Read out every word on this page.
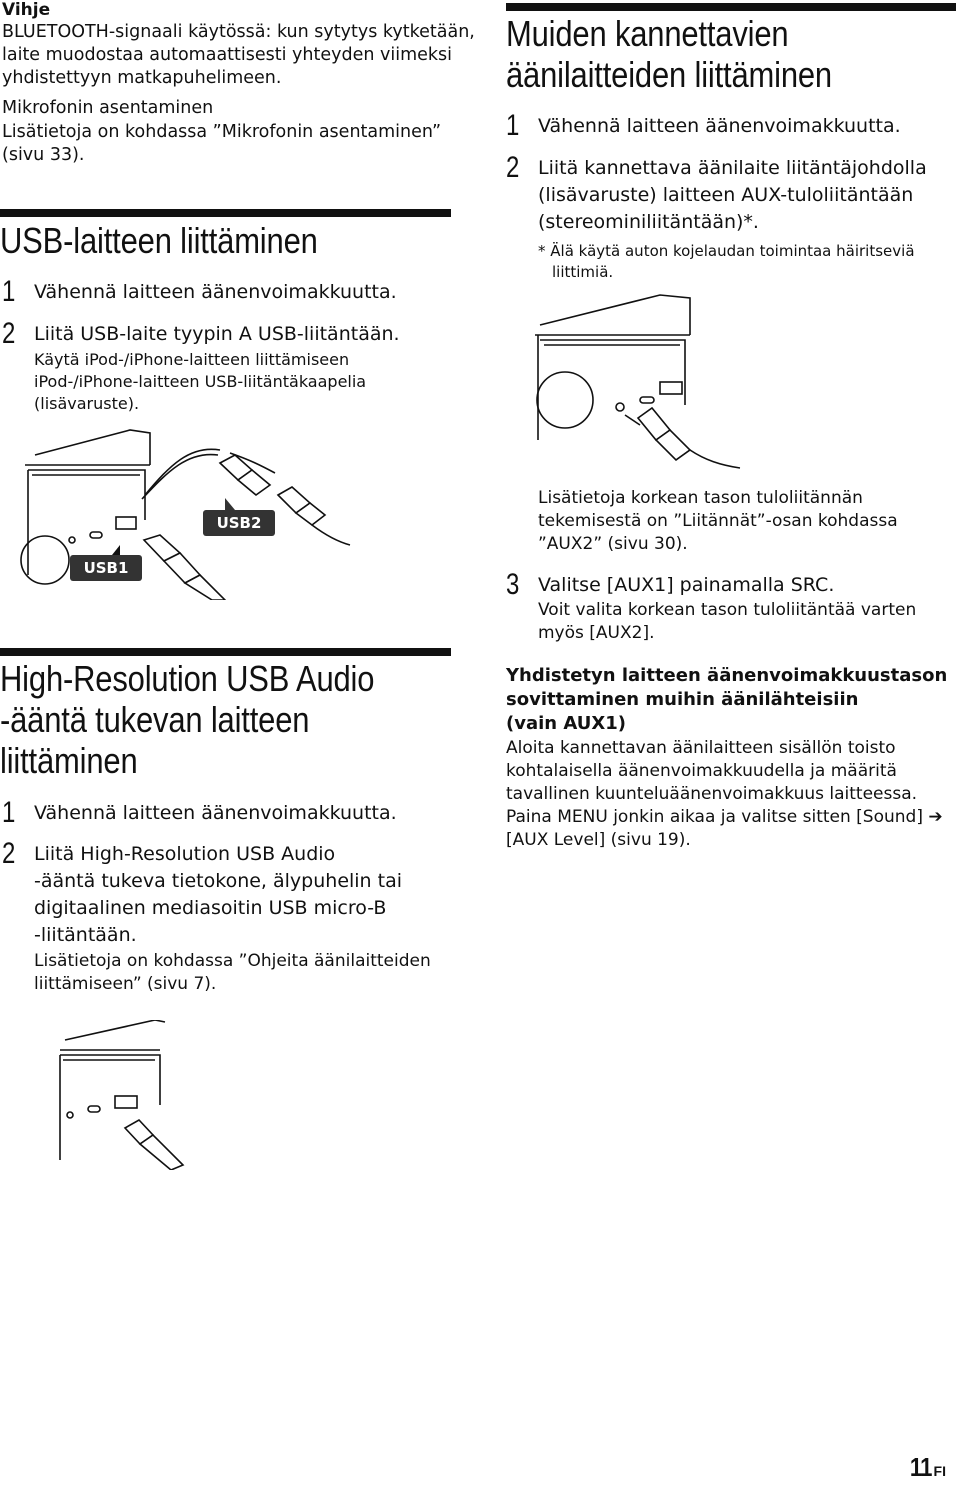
Vihje
BLUETOOTH-signaali käytössä: kun sytytys kytketään,
laite muodostaa automaattisesti yhteyden viimeksi
yhdistettyyn matkapuhelimeen.
Mikrofonin asentaminen
Lisätietoja on kohdassa ”Mikrofonin asentaminen”
(sivu 33).
USB-laitteen liittäminen
1 Vähennä laitteen äänenvoimakkuutta.
2 Liitä USB-laite tyypin A USB-liitäntään.
Käytä iPod-/iPhone-laitteen liittämiseen
iPod-/iPhone-laitteen USB-liitäntäkaapelia
(lisävaruste).
USB1
USB2
High-Resolution USB Audio
-ääntä tukevan laitteen
liittäminen
1 Vähennä laitteen äänenvoimakkuutta.
2 Liitä High-Resolution USB Audio
-ääntä tukeva tietokone, älypuhelin tai
digitaalinen mediasoitin USB micro-B
-liitäntään.
Lisätietoja on kohdassa ”Ohjeita äänilaitteiden
liittämiseen” (sivu 7).
Muiden kannettavien
äänilaitteiden liittäminen
1 Vähennä laitteen äänenvoimakkuutta.
2 Liitä kannettava äänilaite liitäntäjohdolla
(lisävaruste) laitteen AUX-tuloliitäntään
(stereominiliitäntään)*.
* Älä käytä auton kojelaudan toimintaa häiritseviä
liittimiä.
Lisätietoja korkean tason tuloliitännän
tekemisestä on ”Liitännät”-osan kohdassa
”AUX2” (sivu 30).
3 Valitse [AUX1] painamalla SRC.
Voit valita korkean tason tuloliitäntää varten
myös [AUX2].
Yhdistetyn laitteen äänenvoimakkuustason
sovittaminen muihin äänilähteisiin
(vain AUX1)
Aloita kannettavan äänilaitteen sisällön toisto
kohtalaisella äänenvoimakkuudella ja määritä
tavallinen kuunteluäänenvoimakkuus laitteessa.
Paina MENU jonkin aikaa ja valitse sitten [Sound] ➔
[AUX Level] (sivu 19).
11 FI
